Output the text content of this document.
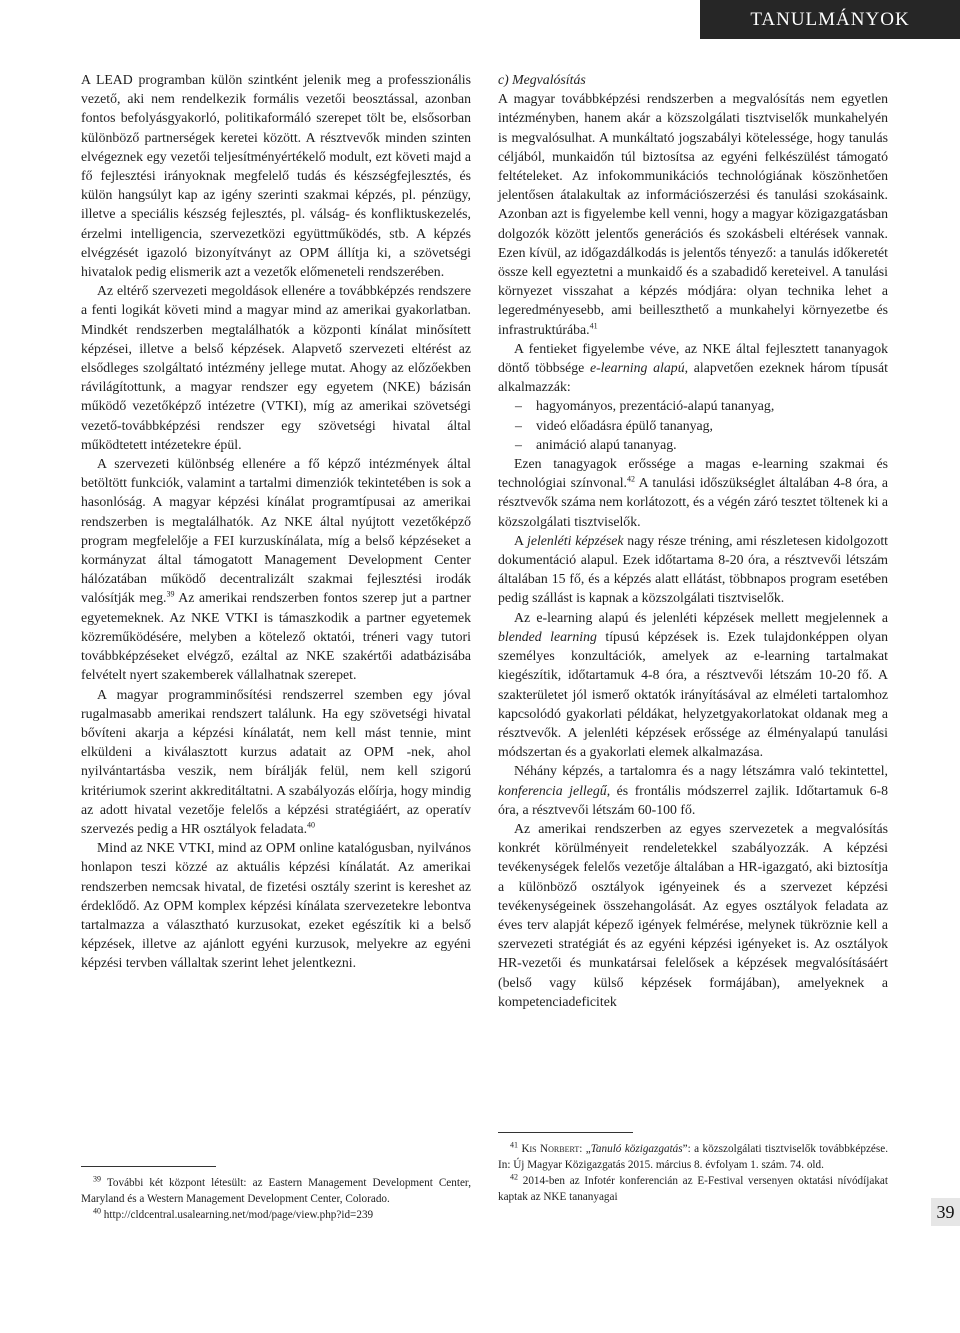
TANULMÁNYOK

A LEAD programban külön szintként jelenik meg a professzionális vezető, aki nem rendelkezik formális vezetői beosztással, azonban fontos befolyásgyakorló, politikaformáló szerepet tölt be, elsősorban különböző partnerségek keretei között. A résztvevők minden szinten elvégeznek egy vezetői teljesítményértékelő modult, ezt követi majd a fő fejlesztési irányoknak megfelelő tudás és készségfejlesztés, és külön hangsúlyt kap az igény szerinti szakmai képzés, pl. pénzügy, illetve a speciális készség fejlesztés, pl. válság- és konfliktuskezelés, érzelmi intelligencia, szervezetközi együttműködés, stb. A képzés elvégzését igazoló bizonyítványt az OPM állítja ki, a szövetségi hivatalok pedig elismerik azt a vezetők előmeneteli rendszerében.

Az eltérő szervezeti megoldások ellenére a továbbképzés rendszere a fenti logikát követi mind a magyar mind az amerikai gyakorlatban. Mindkét rendszerben megtalálhatók a központi kínálat minősített képzései, illetve a belső képzések. Alapvető szervezeti eltérést az elsődleges szolgáltató intézmény jellege mutat. Ahogy az előzőekben rávilágítottunk, a magyar rendszer egy egyetem (NKE) bázisán működő vezetőképző intézetre (VTKI), míg az amerikai szövetségi vezető-továbbképzési rendszer egy szövetségi hivatal által működtetett intézetekre épül.

A szervezeti különbség ellenére a fő képző intézmények által betöltött funkciók, valamint a tartalmi dimenziók tekintetében is sok a hasonlóság. A magyar képzési kínálat programtípusai az amerikai rendszerben is megtalálhatók. Az NKE által nyújtott vezetőképző program megfelelője a FEI kurzuskínálata, míg a belső képzéseket a kormányzat által támogatott Management Development Center hálózatában működő decentralizált szakmai fejlesztési irodák valósítják meg.$^{39}$ Az amerikai rendszerben fontos szerep jut a partner egyetemeknek. Az NKE VTKI is támaszkodik a partner egyetemek közreműködésére, melyben a kötelező oktatói, tréneri vagy tutori továbbképzéseket elvégző, ezáltal az NKE szakértői adatbázisába felvételt nyert szakemberek vállalhatnak szerepet.

A magyar programminősítési rendszerrel szemben egy jóval rugalmasabb amerikai rendszert találunk. Ha egy szövetségi hivatal bővíteni akarja a képzési kínálatát, nem kell mást tennie, mint elküldeni a kiválasztott kurzus adatait az OPM -nek, ahol nyilvántartásba veszik, nem bírálják felül, nem kell szigorú kritériumok szerint akkreditáltatni. A szabályozás előírja, hogy mindig az adott hivatal vezetője felelős a képzési stratégiáért, az operatív szervezés pedig a HR osztályok feladata.$^{40}$

Mind az NKE VTKI, mind az OPM online katalógusban, nyilvános honlapon teszi közzé az aktuális képzési kínálatát. Az amerikai rendszerben nemcsak hivatal, de fizetési osztály szerint is kereshet az érdeklődő. Az OPM komplex képzési kínálata szervezetekre lebontva tartalmazza a választható kurzusokat, ezeket egészítik ki a belső képzések, illetve az ajánlott egyéni kurzusok, melyekre az egyéni képzési tervben vállaltak szerint lehet jelentkezni.

$^{39}$ További két központ létesült: az Eastern Management Development Center, Maryland és a Western Management Development Center, Colorado.

$^{40}$ http://cldcentral.usalearning.net/mod/page/view.php?id=239

c) Megvalósítás

A magyar továbbképzési rendszerben a megvalósítás nem egyetlen intézményben, hanem akár a közszolgálati tisztviselők munkahelyén is megvalósulhat. A munkáltató jogszabályi kötelessége, hogy tanulás céljából, munkaidőn túl biztosítsa az egyéni felkészülést támogató feltételeket. Az infokommunikációs technológiának köszönhetően jelentősen átalakultak az információszerzési és tanulási szokásaink. Azonban azt is figyelembe kell venni, hogy a magyar közigazgatásban dolgozók között jelentős generációs és szokásbeli eltérések vannak. Ezen kívül, az időgazdálkodás is jelentős tényező: a tanulás időkeretét össze kell egyeztetni a munkaidő és a szabadidő kereteivel. A tanulási környezet visszahat a képzés módjára: olyan technika lehet a legeredményesebb, ami beilleszthető a munkahelyi környezetbe és infrastruktúrába.$^{41}$

A fentieket figyelembe véve, az NKE által fejlesztett tananyagok döntő többsége e-learning alapú, alapvetően ezeknek három típusát alkalmazzák:

– hagyományos, prezentáció-alapú tananyag,
– videó előadásra épülő tananyag,
– animáció alapú tananyag.

Ezen tanagyagok erőssége a magas e-learning szakmai és technológiai színvonal.$^{42}$ A tanulási időszükséglet általában 4-8 óra, a résztvevők száma nem korlátozott, és a végén záró tesztet töltenek ki a közszolgálati tisztviselők.

A jelenléti képzések nagy része tréning, ami részletesen kidolgozott dokumentáció alapul. Ezek időtartama 8-20 óra, a résztvevői létszám általában 15 fő, és a képzés alatt ellátást, többnapos program esetében pedig szállást is kapnak a közszolgálati tisztviselők.

Az e-learning alapú és jelenléti képzések mellett megjelennek a blended learning típusú képzések is. Ezek tulajdonképpen olyan személyes konzultációk, amelyek az e-learning tartalmakat kiegészítik, időtartamuk 4-8 óra, a résztvevői létszám 10-20 fő. A szakterületet jól ismerő oktatók irányításával az elméleti tartalomhoz kapcsolódó gyakorlati példákat, helyzetgyakorlatokat oldanak meg a résztvevők. A jelenléti képzések erőssége az élményalapú tanulási módszertan és a gyakorlati elemek alkalmazása.

Néhány képzés, a tartalomra és a nagy létszámra való tekintettel, konferencia jellegű, és frontális módszerrel zajlik. Időtartamuk 6-8 óra, a résztvevői létszám 60-100 fő.

Az amerikai rendszerben az egyes szervezetek a megvalósítás konkrét körülményeit rendeletekkel szabályozzák. A képzési tevékenységek felelős vezetője általában a HR-igazgató, aki biztosítja a különböző osztályok igényeinek és a szervezet képzési tevékenységeinek összehangolását. Az egyes osztályok feladata az éves terv alapját képező igények felmérése, melynek tükröznie kell a szervezeti stratégiát és az egyéni képzési igényeket is. Az osztályok HR-vezetői és munkatársai felelősek a képzések megvalósításáért (belső vagy külső képzések formájában), amelyeknek a kompetenciadeficitek

$^{41}$ Kis Norbert: „Tanuló közigazgatás”: a közszolgálati tisztviselők továbbképzése. In: Új Magyar Közigazgatás 2015. március 8. évfolyam 1. szám. 74. old.

$^{42}$ 2014-ben az Infotér konferencián az E-Festival versenyen oktatási nívódíjakat kaptak az NKE tananyagai

39
